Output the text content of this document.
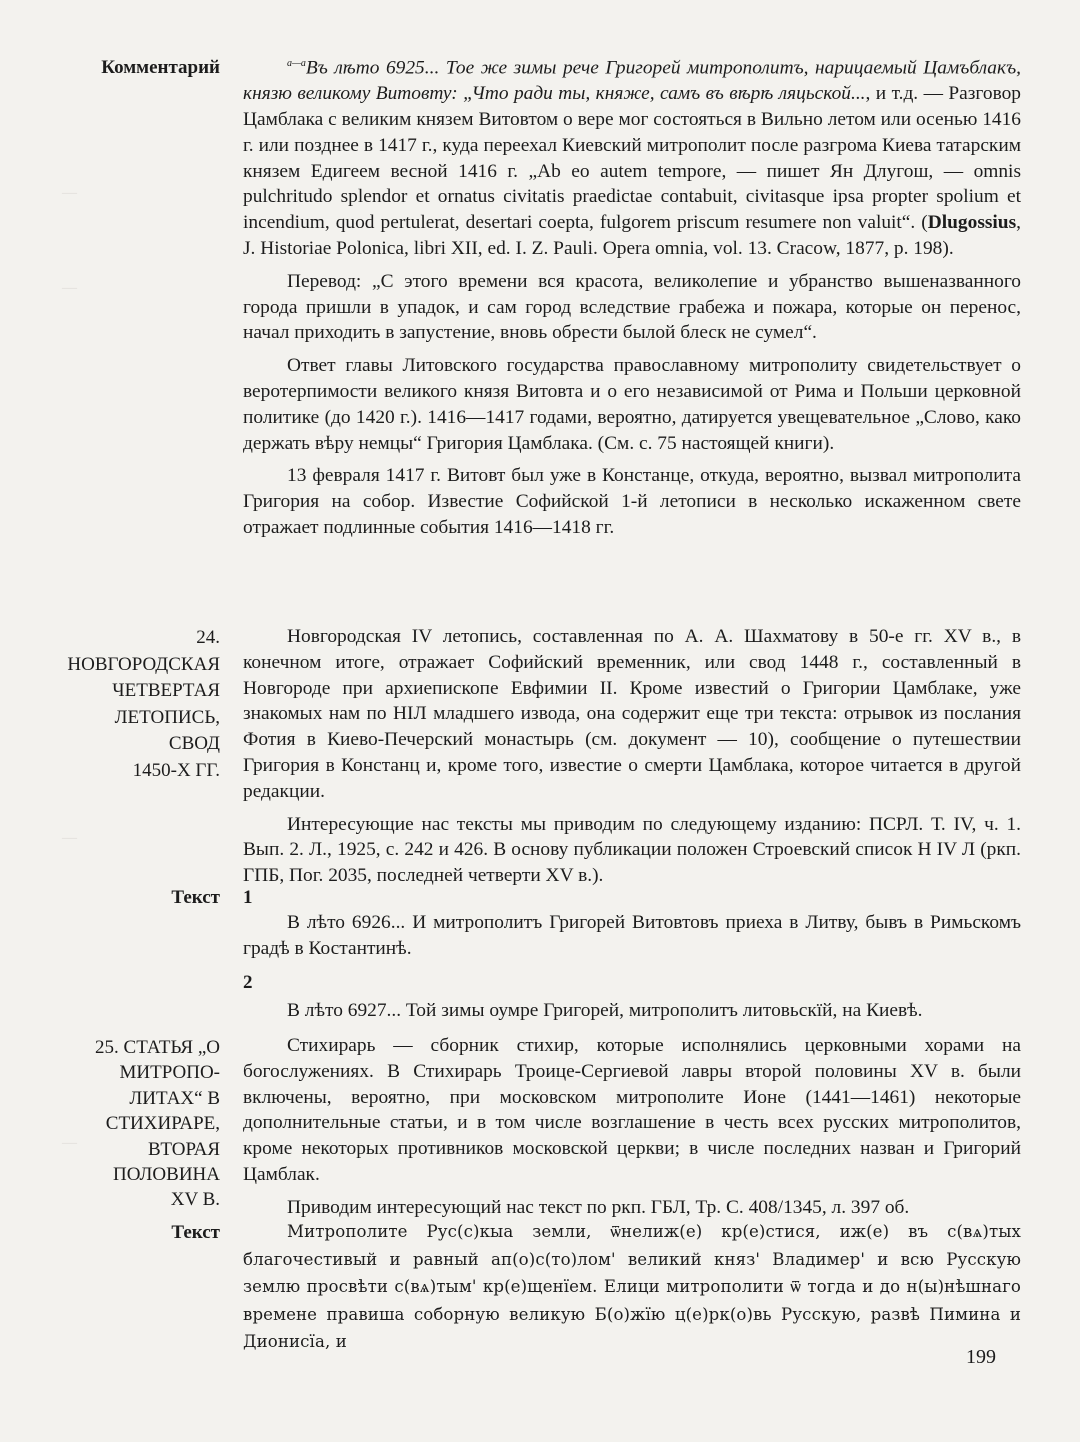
—
—
—
—
Комментарий
24.
НОВГОРОДСКАЯ
ЧЕТВЕРТАЯ
ЛЕТОПИСЬ,
СВОД
1450-Х ГГ.
Текст
25. СТАТЬЯ „О
МИТРОПО-
ЛИТАХ“ В
СТИХИРАРЕ,
ВТОРАЯ
ПОЛОВИНА
XV В.
Текст

$^{а—а}$Въ лѣто 6925... Тое же зимы рече Григорей митрополитъ, нарицаемый Цамъблакъ, князю великому Витовту: „Что ради ты, княже, самъ въ вѣрѣ ляцьской..., и т.д. — Разговор Цамблака с великим князем Витовтом о вере мог состояться в Вильно летом или осенью 1416 г. или позднее в 1417 г., куда переехал Киевский митрополит после разгрома Киева татарским князем Едигеем весной 1416 г. „Ab eo autem tempore, — пишет Ян Длугош, — omnis pulchritudo splendor et ornatus civitatis praedictae contabuit, civitasque ipsa propter spolium et incendium, quod pertulerat, desertari coepta, fulgorem priscum resumere non valuit“. (Dlugossius, J. Historiae Polonica, libri XII, ed. I. Z. Pauli. Opera omnia, vol. 13. Cracow, 1877, p. 198).

Перевод: „С этого времени вся красота, великолепие и убранство вышеназванного города пришли в упадок, и сам город вследствие грабежа и пожара, которые он перенос, начал приходить в запустение, вновь обрести былой блеск не сумел“.

Ответ главы Литовского государства православному митрополиту свидетельствует о веротерпимости великого князя Витовта и о его независимой от Рима и Польши церковной политике (до 1420 г.). 1416—1417 годами, вероятно, датируется увещевательное „Слово, како держать вѣру немцы“ Григория Цамблака. (См. с. 75 настоящей книги).

13 февраля 1417 г. Витовт был уже в Констанце, откуда, вероятно, вызвал митрополита Григория на собор. Известие Софийской 1-й летописи в несколько искаженном свете отражает подлинные события 1416—1418 гг.

Новгородская IV летопись, составленная по А. А. Шахматову в 50-е гг. XV в., в конечном итоге, отражает Софийский временник, или свод 1448 г., составленный в Новгороде при архиепископе Евфимии II. Кроме известий о Григории Цамблаке, уже знакомых нам по НIЛ младшего извода, она содержит еще три текста: отрывок из послания Фотия в Киево-Печерский монастырь (см. документ — 10), сообщение о путешествии Григория в Констанц и, кроме того, известие о смерти Цамблака, которое читается в другой редакции.

Интересующие нас тексты мы приводим по следующему изданию: ПСРЛ. Т. IV, ч. 1. Вып. 2. Л., 1925, с. 242 и 426. В основу публикации положен Строевский список Н IV Л (ркп. ГПБ, Пог. 2035, последней четверти XV в.).

1

В лѣто 6926... И митрополитъ Григорей Витовтовъ приеха в Литву, бывъ в Римьскомъ градѣ в Костантинѣ.

2

В лѣто 6927... Той зимы оумре Григорей, митрополитъ литовьскїй, на Киевѣ.

Стихирарь — сборник стихир, которые исполнялись церковными хорами на богослужениях. В Стихирарь Троице-Сергиевой лавры второй половины XV в. были включены, вероятно, при московском митрополите Ионе (1441—1461) некоторые дополнительные статьи, и в том числе возглашение в честь всех русских митрополитов, кроме некоторых противников московской церкви; в числе последних назван и Григорий Цамблак.

Приводим интересующий нас текст по ркп. ГБЛ, Тр. С. 408/1345, л. 397 об.

Митрополите Рус(с)кыа земли, ѿнелиж(е) кр(е)стися, иж(е) въ с(вѧ)тых благочестивый и равный ап(о)с(то)лом' великий княз' Владимер' и всю Русскую землю просвѣти с(вѧ)тым' кр(е)щенїем. Елици митрополити ѿ тогда и до н(ы)нѣшнаго времене правиша соборную великую Б(о)жїю ц(е)рк(о)вь Русскую, развѣ Пимина и Дионисїа, и

199
